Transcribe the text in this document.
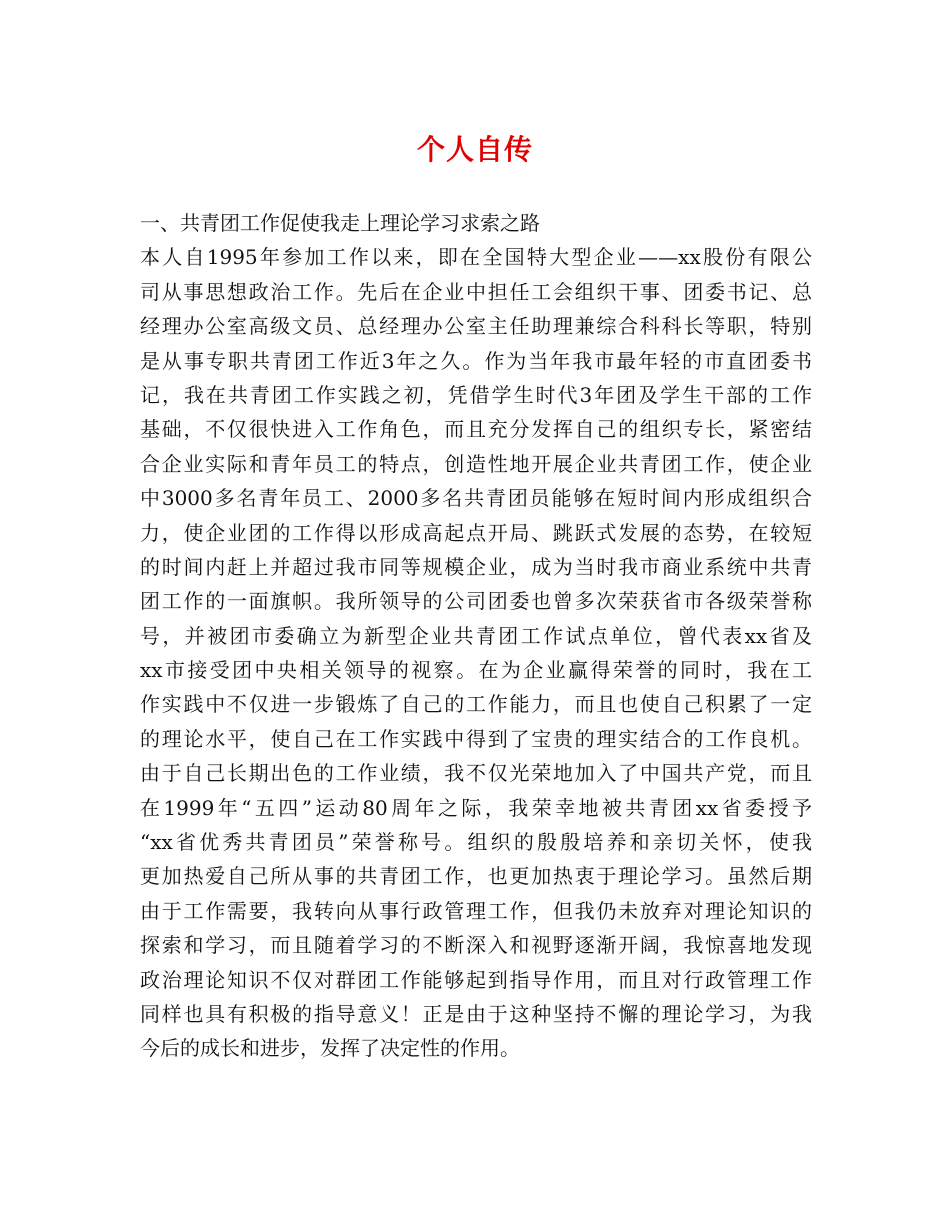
个人自传
一、共青团工作促使我走上理论学习求索之路
本人自1995年参加工作以来，即在全国特大型企业——xx股份有限公
司从事思想政治工作。先后在企业中担任工会组织干事、团委书记、总
经理办公室高级文员、总经理办公室主任助理兼综合科科长等职，特别
是从事专职共青团工作近3年之久。作为当年我市最年轻的市直团委书
记，我在共青团工作实践之初，凭借学生时代3年团及学生干部的工作
基础，不仅很快进入工作角色，而且充分发挥自己的组织专长，紧密结
合企业实际和青年员工的特点，创造性地开展企业共青团工作，使企业
中3000多名青年员工、2000多名共青团员能够在短时间内形成组织合
力，使企业团的工作得以形成高起点开局、跳跃式发展的态势，在较短
的时间内赶上并超过我市同等规模企业，成为当时我市商业系统中共青
团工作的一面旗帜。我所领导的公司团委也曾多次荣获省市各级荣誉称
号，并被团市委确立为新型企业共青团工作试点单位，曾代表xx省及
xx市接受团中央相关领导的视察。在为企业赢得荣誉的同时，我在工
作实践中不仅进一步锻炼了自己的工作能力，而且也使自己积累了一定
的理论水平，使自己在工作实践中得到了宝贵的理实结合的工作良机。
由于自己长期出色的工作业绩，我不仅光荣地加入了中国共产党，而且
在1999年“五四”运动80周年之际，我荣幸地被共青团xx省委授予
“xx省优秀共青团员”荣誉称号。组织的殷殷培养和亲切关怀，使我
更加热爱自己所从事的共青团工作，也更加热衷于理论学习。虽然后期
由于工作需要，我转向从事行政管理工作，但我仍未放弃对理论知识的
探索和学习，而且随着学习的不断深入和视野逐渐开阔，我惊喜地发现
政治理论知识不仅对群团工作能够起到指导作用，而且对行政管理工作
同样也具有积极的指导意义！正是由于这种坚持不懈的理论学习，为我
今后的成长和进步，发挥了决定性的作用。
